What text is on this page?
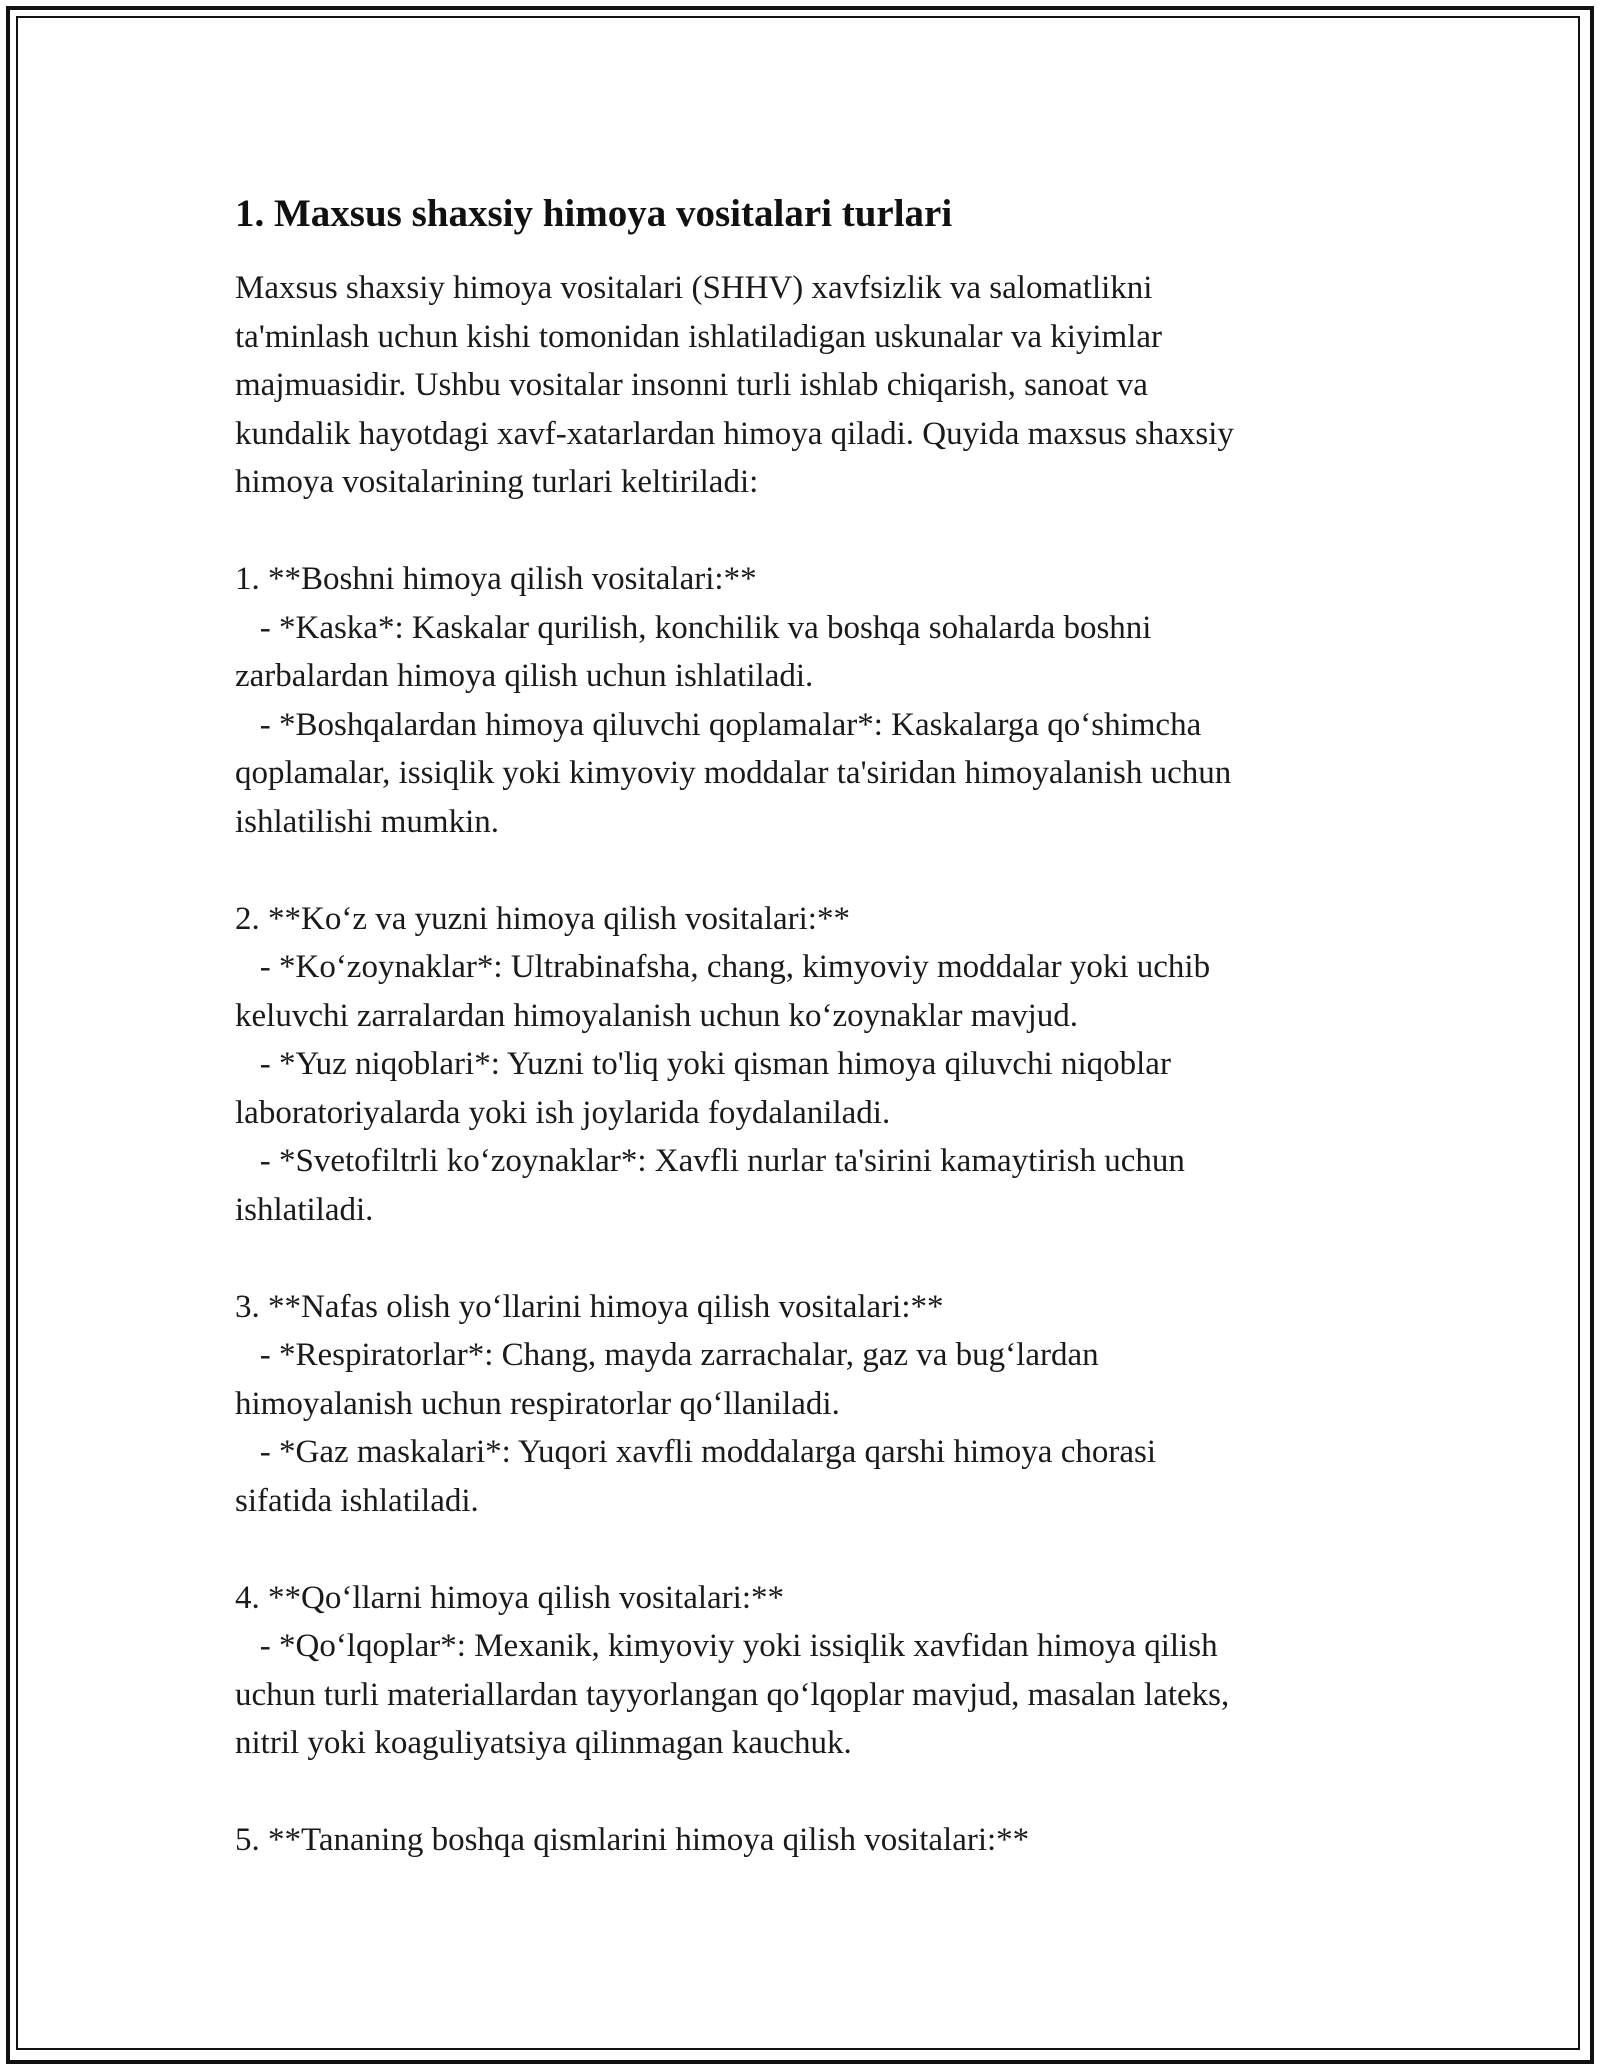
1. Maxsus shaxsiy himoya vositalari turlari

Maxsus shaxsiy himoya vositalari (SHHV) xavfsizlik va salomatlikni

ta'minlash uchun kishi tomonidan ishlatiladigan uskunalar va kiyimlar

majmuasidir. Ushbu vositalar insonni turli ishlab chiqarish, sanoat va

kundalik hayotdagi xavf-xatarlardan himoya qiladi. Quyida maxsus shaxsiy

himoya vositalarining turlari keltiriladi:

1. **Boshni himoya qilish vositalari:**

- *Kaska*: Kaskalar qurilish, konchilik va boshqa sohalarda boshni

zarbalardan himoya qilish uchun ishlatiladi.

- *Boshqalardan himoya qiluvchi qoplamalar*: Kaskalarga qo‘shimcha

qoplamalar, issiqlik yoki kimyoviy moddalar ta'siridan himoyalanish uchun

ishlatilishi mumkin.

2. **Ko‘z va yuzni himoya qilish vositalari:**

- *Ko‘zoynaklar*: Ultrabinafsha, chang, kimyoviy moddalar yoki uchib

keluvchi zarralardan himoyalanish uchun ko‘zoynaklar mavjud.

- *Yuz niqoblari*: Yuzni to'liq yoki qisman himoya qiluvchi niqoblar

laboratoriyalarda yoki ish joylarida foydalaniladi.

- *Svetofiltrli ko‘zoynaklar*: Xavfli nurlar ta'sirini kamaytirish uchun

ishlatiladi.

3. **Nafas olish yo‘llarini himoya qilish vositalari:**

- *Respiratorlar*: Chang, mayda zarrachalar, gaz va bug‘lardan

himoyalanish uchun respiratorlar qo‘llaniladi.

- *Gaz maskalari*: Yuqori xavfli moddalarga qarshi himoya chorasi

sifatida ishlatiladi.

4. **Qo‘llarni himoya qilish vositalari:**

- *Qo‘lqoplar*: Mexanik, kimyoviy yoki issiqlik xavfidan himoya qilish

uchun turli materiallardan tayyorlangan qo‘lqoplar mavjud, masalan lateks,

nitril yoki koaguliyatsiya qilinmagan kauchuk.

5. **Tananing boshqa qismlarini himoya qilish vositalari:**
